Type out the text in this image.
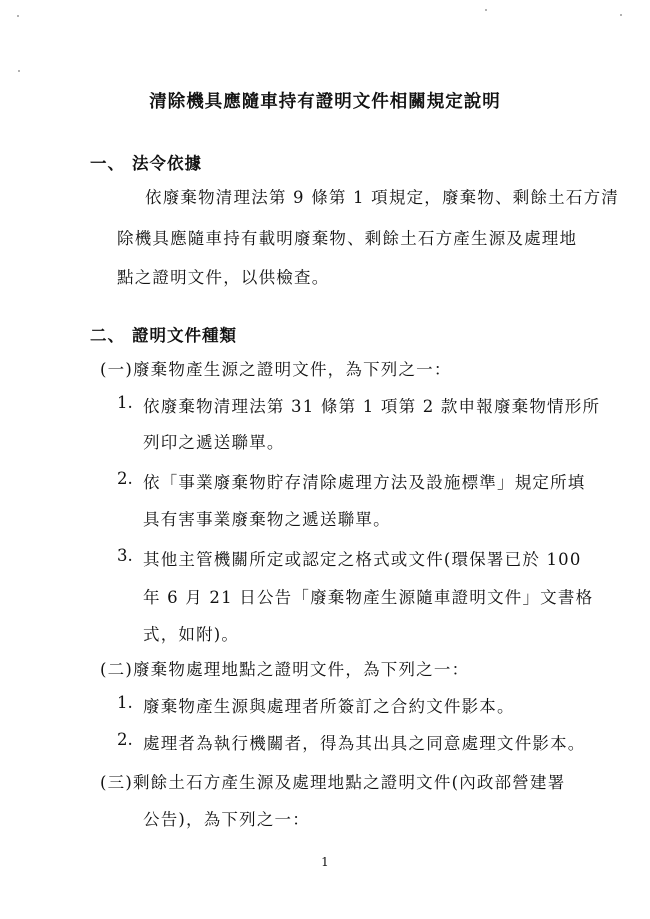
清除機具應隨車持有證明文件相關規定說明
一、 法令依據
依廢棄物清理法第 9 條第 1 項規定，廢棄物、剩餘土石方清
除機具應隨車持有載明廢棄物、剩餘土石方產生源及處理地
點之證明文件，以供檢查。
二、 證明文件種類
(一)廢棄物產生源之證明文件，為下列之一：
1. 依廢棄物清理法第 31 條第 1 項第 2 款申報廢棄物情形所
列印之遞送聯單。
2. 依「事業廢棄物貯存清除處理方法及設施標準」規定所填
具有害事業廢棄物之遞送聯單。
3. 其他主管機關所定或認定之格式或文件(環保署已於 100
年 6 月 21 日公告「廢棄物產生源隨車證明文件」文書格
式，如附)。
(二)廢棄物處理地點之證明文件，為下列之一：
1. 廢棄物產生源與處理者所簽訂之合約文件影本。
2. 處理者為執行機關者，得為其出具之同意處理文件影本。
(三)剩餘土石方產生源及處理地點之證明文件(內政部營建署
公告)，為下列之一：
1
